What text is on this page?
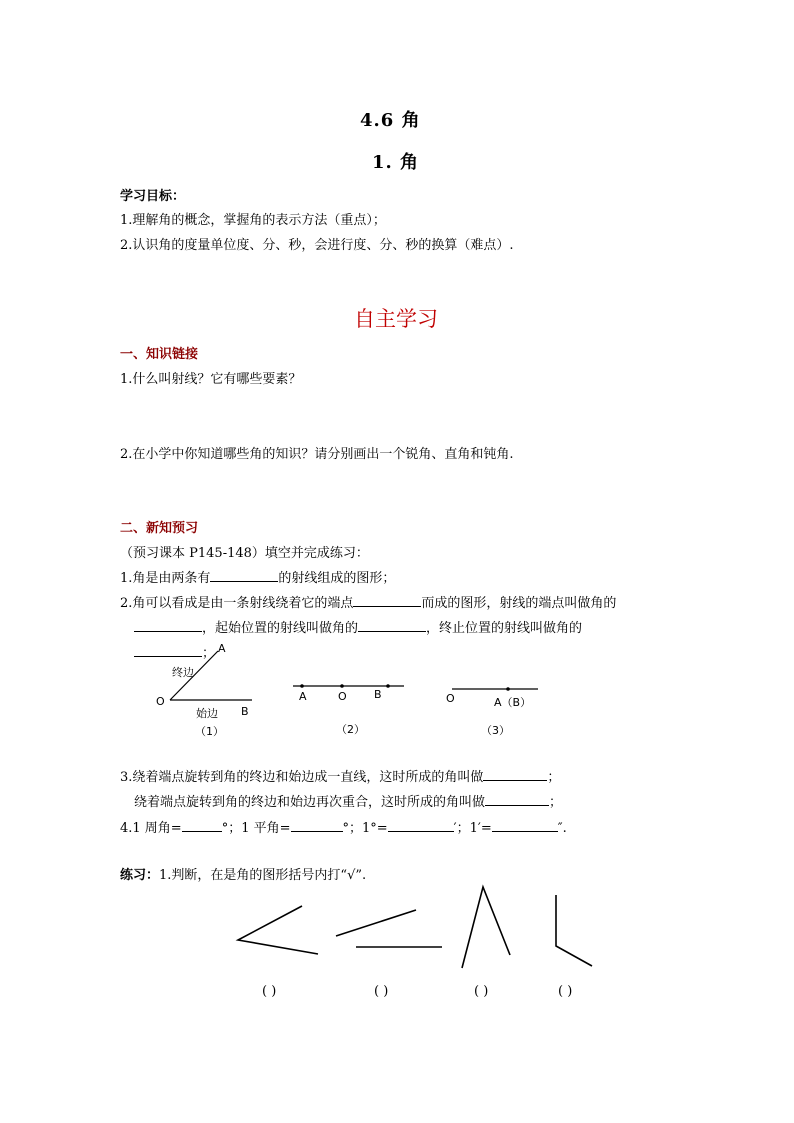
4.6 角
1. 角
学习目标：
1.理解角的概念，掌握角的表示方法（重点）；
2.认识角的度量单位度、分、秒，会进行度、分、秒的换算（难点）.
自主学习
一、知识链接
1.什么叫射线？它有哪些要素？
2.在小学中你知道哪些角的知识？请分别画出一个锐角、直角和钝角.
二、新知预习
（预习课本 P145-148）填空并完成练习：
1.角是由两条有	的射线组成的图形；
2.角可以看成是由一条射线绕着它的端点	而成的图形，射线的端点叫做角的
，起始位置的射线叫做角的	，终止位置的射线叫做角的
； A
终边
O
始边 B
（1）
A	O B
（2）
O	A（B）
（3）
3.绕着端点旋转到角的终边和始边成一直线，这时所成的角叫做	；
绕着端点旋转到角的终边和始边再次重合，这时所成的角叫做	；
4.1 周角=	°；1 平角=	°；1°=	′；1′=	″.
练习：1.判断，在是角的图形括号内打“√”.
( )	( )	( )	( )
